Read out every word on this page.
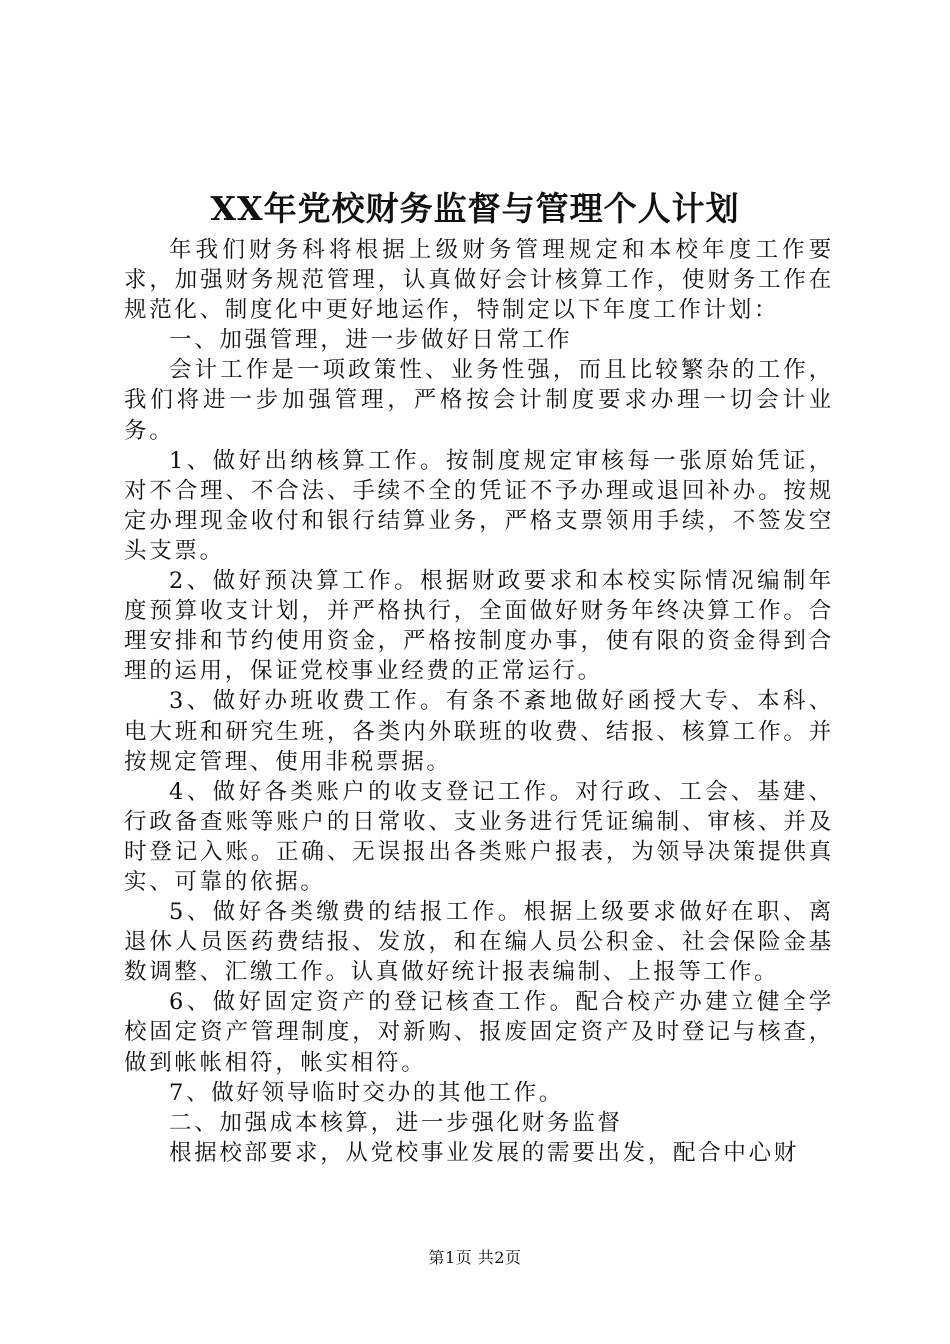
XX年党校财务监督与管理个人计划

年我们财务科将根据上级财务管理规定和本校年度工作要求，加强财务规范管理，认真做好会计核算工作，使财务工作在规范化、制度化中更好地运作，特制定以下年度工作计划：

一、加强管理，进一步做好日常工作

会计工作是一项政策性、业务性强，而且比较繁杂的工作，我们将进一步加强管理，严格按会计制度要求办理一切会计业务。

1、做好出纳核算工作。按制度规定审核每一张原始凭证，对不合理、不合法、手续不全的凭证不予办理或退回补办。按规定办理现金收付和银行结算业务，严格支票领用手续，不签发空头支票。

2、做好预决算工作。根据财政要求和本校实际情况编制年度预算收支计划，并严格执行，全面做好财务年终决算工作。合理安排和节约使用资金，严格按制度办事，使有限的资金得到合理的运用，保证党校事业经费的正常运行。

3、做好办班收费工作。有条不紊地做好函授大专、本科、电大班和研究生班，各类内外联班的收费、结报、核算工作。并按规定管理、使用非税票据。

4、做好各类账户的收支登记工作。对行政、工会、基建、行政备查账等账户的日常收、支业务进行凭证编制、审核、并及时登记入账。正确、无误报出各类账户报表，为领导决策提供真实、可靠的依据。

5、做好各类缴费的结报工作。根据上级要求做好在职、离退休人员医药费结报、发放，和在编人员公积金、社会保险金基数调整、汇缴工作。认真做好统计报表编制、上报等工作。

6、做好固定资产的登记核查工作。配合校产办建立健全学校固定资产管理制度，对新购、报废固定资产及时登记与核查，做到帐帐相符，帐实相符。

7、做好领导临时交办的其他工作。

二、加强成本核算，进一步强化财务监督

根据校部要求，从党校事业发展的需要出发，配合中心财

第1页 共2页
